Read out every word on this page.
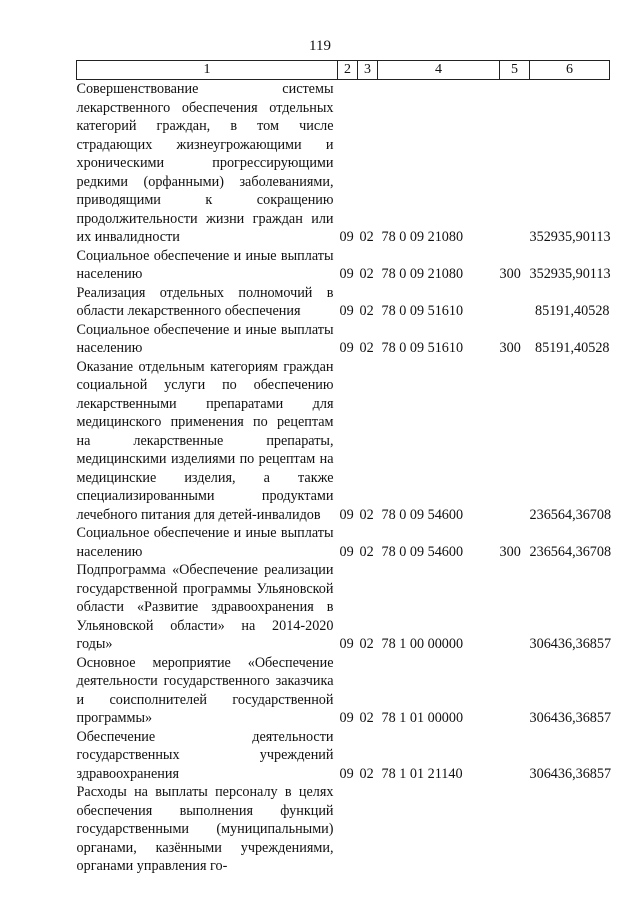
119
1	2	3	4	5	6
Совершенствование системы лекарственного обеспечения отдельных категорий граждан, в том числе страдающих жизнеугрожающими и хроническими прогрессирующими редкими (орфанными) заболеваниями, приводящими к сокращению продолжительности жизни граждан или их инвалидности	09	02	78 0 09 21080		352935,90113
Социальное обеспечение и иные выплаты населению	09	02	78 0 09 21080	300	352935,90113
Реализация отдельных полномочий в области лекарственного обеспечения	09	02	78 0 09 51610		85191,40528
Социальное обеспечение и иные выплаты населению	09	02	78 0 09 51610	300	85191,40528
Оказание отдельным категориям граждан социальной услуги по обеспечению лекарственными препаратами для медицинского применения по рецептам на лекарственные препараты, медицинскими изделиями по рецептам на медицинские изделия, а также специализированными продуктами лечебного питания для детей-инвалидов	09	02	78 0 09 54600		236564,36708
Социальное обеспечение и иные выплаты населению	09	02	78 0 09 54600	300	236564,36708
Подпрограмма «Обеспечение реализации государственной программы Ульяновской области «Развитие здравоохранения в Ульяновской области» на 2014-2020 годы»	09	02	78 1 00 00000		306436,36857
Основное мероприятие «Обеспечение деятельности государственного заказчика и соисполнителей государственной программы»	09	02	78 1 01 00000		306436,36857
Обеспечение деятельности государственных учреждений здравоохранения	09	02	78 1 01 21140		306436,36857
Расходы на выплаты персоналу в целях обеспечения выполнения функций государственными (муниципальными) органами, казёнными учреждениями, органами управления го-					
